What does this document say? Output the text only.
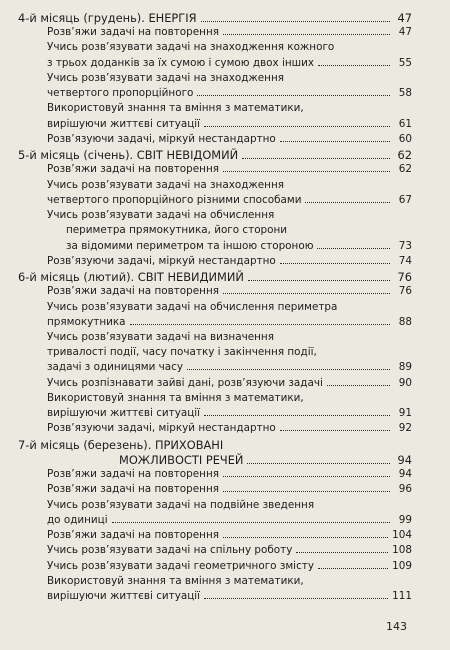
4-й місяць (грудень). ЕНЕРГІЯ	47
Розв’яжи задачі на повторення	47
Учись розв’язувати задачі на знаходження кожного
з трьох доданків за їх сумою і сумою двох інших	55
Учись розв’язувати задачі на знаходження
четвертого пропорційного	58
Використовуй знання та вміння з математики,
вирішуючи життєві ситуації	61
Розв’язуючи задачі, міркуй нестандартно	60
5-й місяць (січень). СВІТ НЕВІДОМИЙ	62
Розв’яжи задачі на повторення	62
Учись розв’язувати задачі на знаходження
четвертого пропорційного різними способами	67
Учись розв’язувати задачі на обчислення
периметра прямокутника, його сторони
за відомими периметром та іншою стороною	73
Розв’язуючи задачі, міркуй нестандартно	74
6-й місяць (лютий). СВІТ НЕВИДИМИЙ	76
Розв’яжи задачі на повторення	76
Учись розв’язувати задачі на обчислення периметра
прямокутника	88
Учись розв’язувати задачі на визначення
тривалості події, часу початку і закінчення події,
задачі з одиницями часу	89
Учись розпізнавати зайві дані, розв’язуючи задачі	90
Використовуй знання та вміння з математики,
вирішуючи життєві ситуації	91
Розв’язуючи задачі, міркуй нестандартно	92
7-й місяць (березень). ПРИХОВАНІ
МОЖЛИВОСТІ РЕЧЕЙ	94
Розв’яжи задачі на повторення	94
Розв’яжи задачі на повторення	96
Учись розв’язувати задачі на подвійне зведення
до одиниці	99
Розв’яжи задачі на повторення	104
Учись розв’язувати задачі на спільну роботу	108
Учись розв’язувати задачі геометричного змісту	109
Використовуй знання та вміння з математики,
вирішуючи життєві ситуації	111
143
